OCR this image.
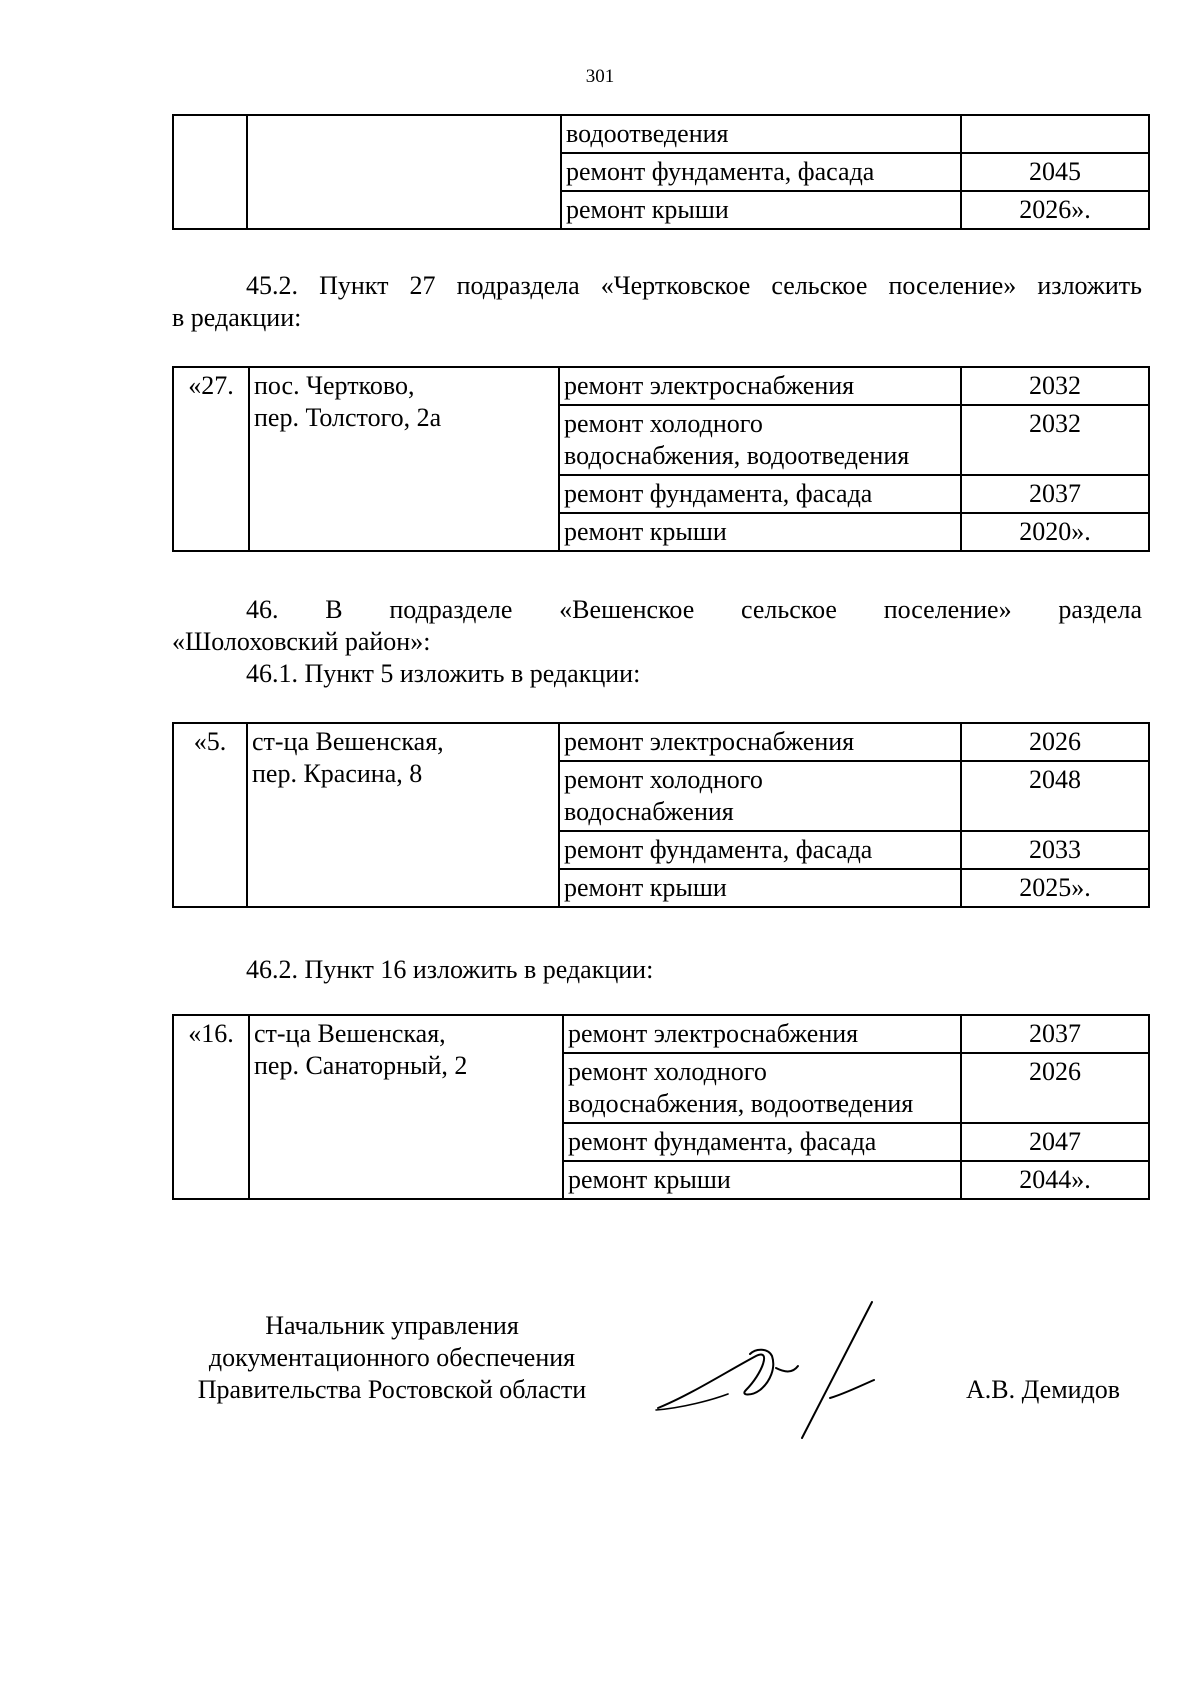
301
		водоотведения	
		ремонт фундамента, фасада	2045
		ремонт крыши	2026».

45.2. Пункт 27 подраздела «Чертковское сельское поселение» изложить

в редакции:

«27.	пос. Чертково,
пер. Толстого, 2а	ремонт электроснабжения	2032

		ремонт холодного
водоснабжения, водоотведения	2032
		ремонт фундамента, фасада	2037
		ремонт крыши	2020».

46. В подразделе «Вешенское сельское поселение» раздела

«Шолоховский район»:

46.1. Пункт 5 изложить в редакции:

«5.	ст-ца Вешенская,
пер. Красина, 8	ремонт электроснабжения	2026

		ремонт холодного
водоснабжения	2048
		ремонт фундамента, фасада	2033
		ремонт крыши	2025».

46.2. Пункт 16 изложить в редакции:

«16.	ст-ца Вешенская,
пер. Санаторный, 2	ремонт электроснабжения	2037

		ремонт холодного
водоснабжения, водоотведения	2026
		ремонт фундамента, фасада	2047
		ремонт крыши	2044».
Начальник управления
документационного обеспечения
Правительства Ростовской области	А.В. Демидов
